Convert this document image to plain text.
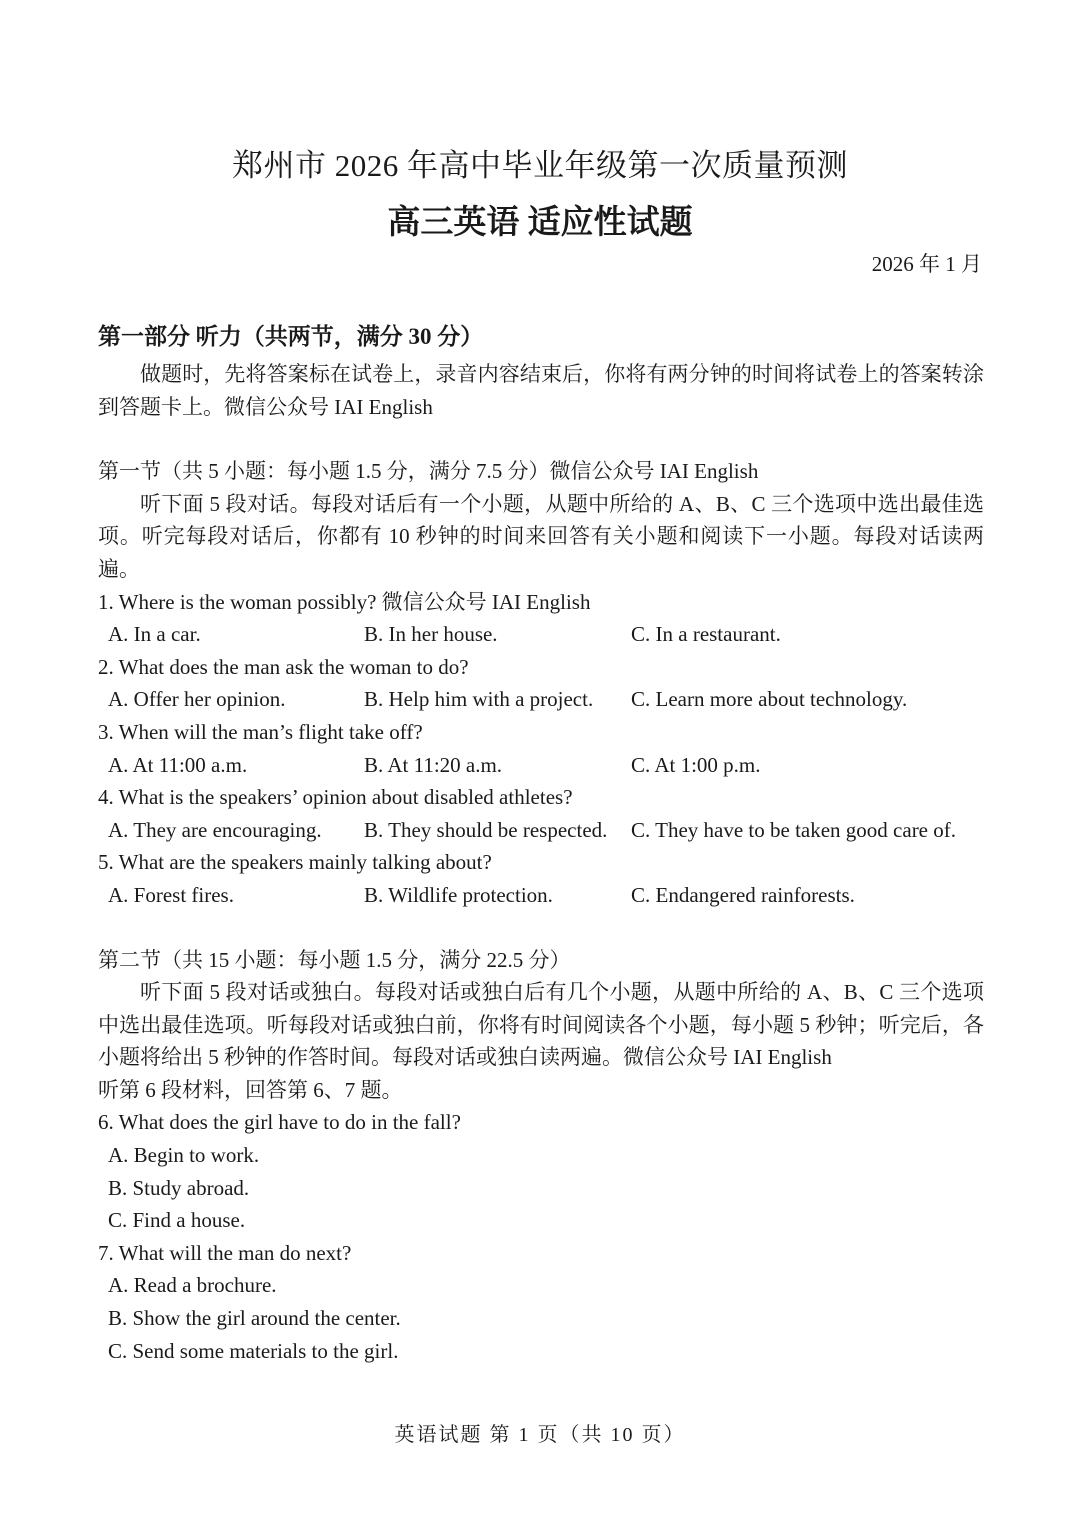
郑州市 2026 年高中毕业年级第一次质量预测
高三英语 适应性试题
2026 年 1 月
第一部分 听力（共两节，满分 30 分）
做题时，先将答案标在试卷上，录音内容结束后，你将有两分钟的时间将试卷上的答案转涂到答题卡上。微信公众号 IAI English
第一节（共 5 小题：每小题 1.5 分，满分 7.5 分）微信公众号 IAI English
听下面 5 段对话。每段对话后有一个小题，从题中所给的 A、B、C 三个选项中选出最佳选项。听完每段对话后，你都有 10 秒钟的时间来回答有关小题和阅读下一小题。每段对话读两遍。
1. Where is the woman possibly? 微信公众号 IAI English
A. In a car.	B. In her house.	C. In a restaurant.
2. What does the man ask the woman to do?
A. Offer her opinion.	B. Help him with a project.	C. Learn more about technology.
3. When will the man’s flight take off?
A. At 11:00 a.m.	B. At 11:20 a.m.	C. At 1:00 p.m.
4. What is the speakers’ opinion about disabled athletes?
A. They are encouraging.	B. They should be respected.	C. They have to be taken good care of.
5. What are the speakers mainly talking about?
A. Forest fires.	B. Wildlife protection.	C. Endangered rainforests.
第二节（共 15 小题：每小题 1.5 分，满分 22.5 分）
听下面 5 段对话或独白。每段对话或独白后有几个小题，从题中所给的 A、B、C 三个选项中选出最佳选项。听每段对话或独白前，你将有时间阅读各个小题，每小题 5 秒钟；听完后，各小题将给出 5 秒钟的作答时间。每段对话或独白读两遍。微信公众号 IAI English
听第 6 段材料，回答第 6、7 题。
6. What does the girl have to do in the fall?
A. Begin to work.
B. Study abroad.
C. Find a house.
7. What will the man do next?
A. Read a brochure.
B. Show the girl around the center.
C. Send some materials to the girl.
英语试题 第 1 页（共 10 页）
